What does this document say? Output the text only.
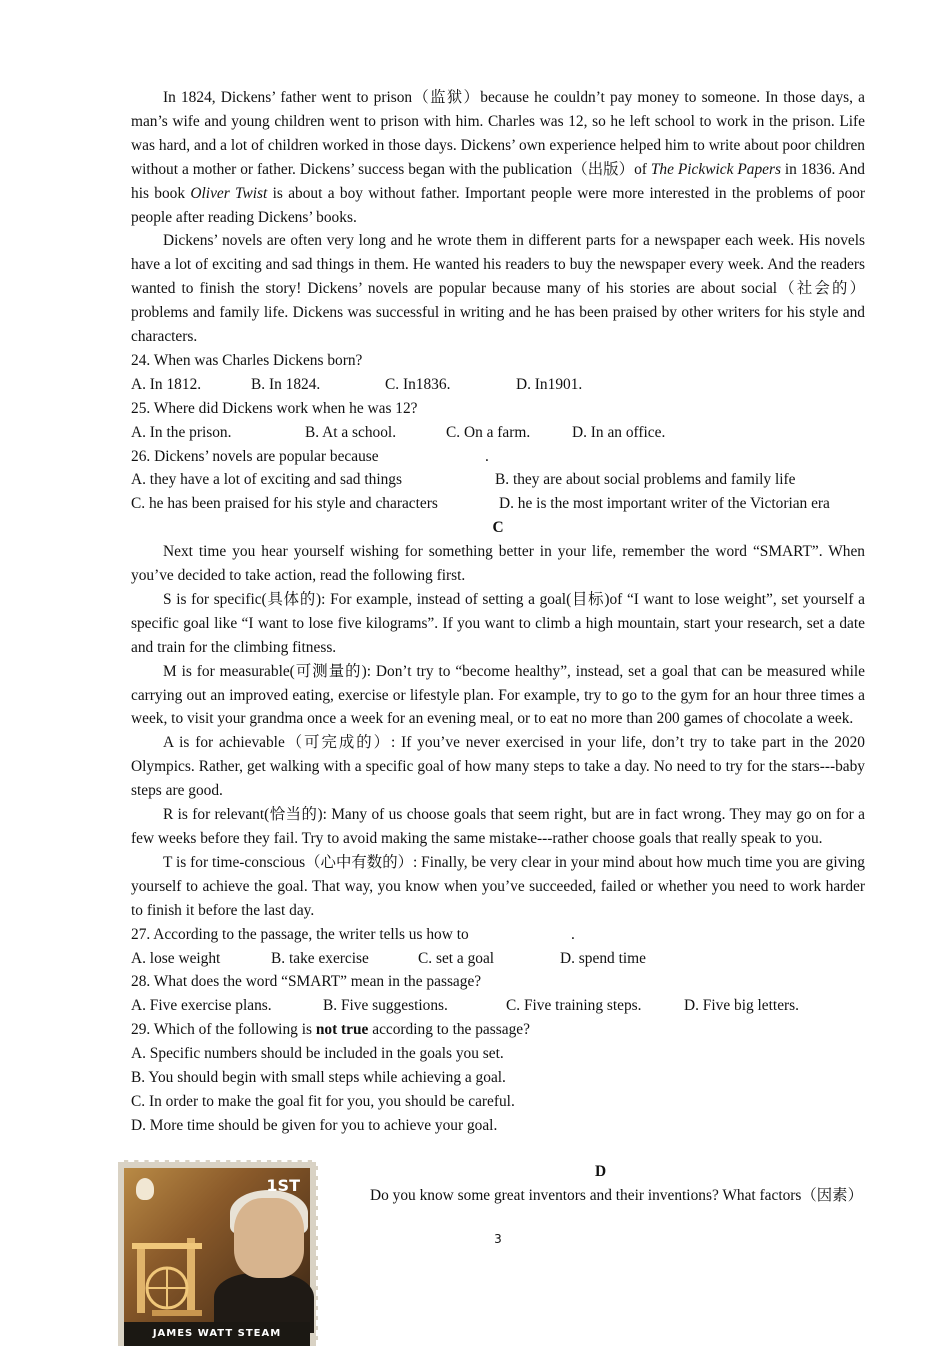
In 1824, Dickens’ father went to prison（监狱）because he couldn’t pay money to someone. In those days, a man’s wife and young children went to prison with him. Charles was 12, so he left school to work in the prison. Life was hard, and a lot of children worked in those days. Dickens’ own experience helped him to write about poor children without a mother or father. Dickens’ success began with the publication（出版）of The Pickwick Papers in 1836. And his book Oliver Twist is about a boy without father. Important people were more interested in the problems of poor people after reading Dickens’ books.

Dickens’ novels are often very long and he wrote them in different parts for a newspaper each week. His novels have a lot of exciting and sad things in them. He wanted his readers to buy the newspaper every week. And the readers wanted to finish the story! Dickens’ novels are popular because many of his stories are about social（社会的）problems and family life. Dickens was successful in writing and he has been praised by other writers for his style and characters.

24. When was Charles Dickens born?

A. In 1812.	B. In 1824.	C. In1836.	D. In1901.

25. Where did Dickens work when he was 12?

A. In the prison.	B. At a school.	C. On a farm.	D. In an office.
26. Dickens’ novels are popular because	.
A. they have a lot of exciting and sad things	B. they are about social problems and family life
C. he has been praised for his style and characters	D. he is the most important writer of the Victorian era

C

Next time you hear yourself wishing for something better in your life, remember the word “SMART”. When you’ve decided to take action, read the following first.

S is for specific(具体的): For example, instead of setting a goal(目标)of “I want to lose weight”, set yourself a specific goal like “I want to lose five kilograms”. If you want to climb a high mountain, start your research, set a date and train for the climbing fitness.

M is for measurable(可测量的): Don’t try to “become healthy”, instead, set a goal that can be measured while carrying out an improved eating, exercise or lifestyle plan. For example, try to go to the gym for an hour three times a week, to visit your grandma once a week for an evening meal, or to eat no more than 200 games of chocolate a week.

A is for achievable（可完成的）: If you’ve never exercised in your life, don’t try to take part in the 2020 Olympics. Rather, get walking with a specific goal of how many steps to take a day. No need to try for the stars---baby steps are good.

R is for relevant(恰当的): Many of us choose goals that seem right, but are in fact wrong. They may go on for a few weeks before they fail. Try to avoid making the same mistake---rather choose goals that really speak to you.

T is for time-conscious（心中有数的）: Finally, be very clear in your mind about how much time you are giving yourself to achieve the goal. That way, you know when you’ve succeeded, failed or whether you need to work harder to finish it before the last day.

27. According to the passage, the writer tells us how to	.
A. lose weight	B. take exercise	C. set a goal	D. spend time

28. What does the word “SMART” mean in the passage?

A. Five exercise plans.	B. Five suggestions.	C. Five training steps.	D. Five big letters.

29. Which of the following is not true according to the passage?

A. Specific numbers should be included in the goals you set.

B. You should begin with small steps while achieving a goal.

C. In order to make the goal fit for you, you should be careful.

D. More time should be given for you to achieve your goal.

1ST
JAMES WATT STEAM ENGINEERING

D

Do you know some great inventors and their inventions? What factors（因素）

3
